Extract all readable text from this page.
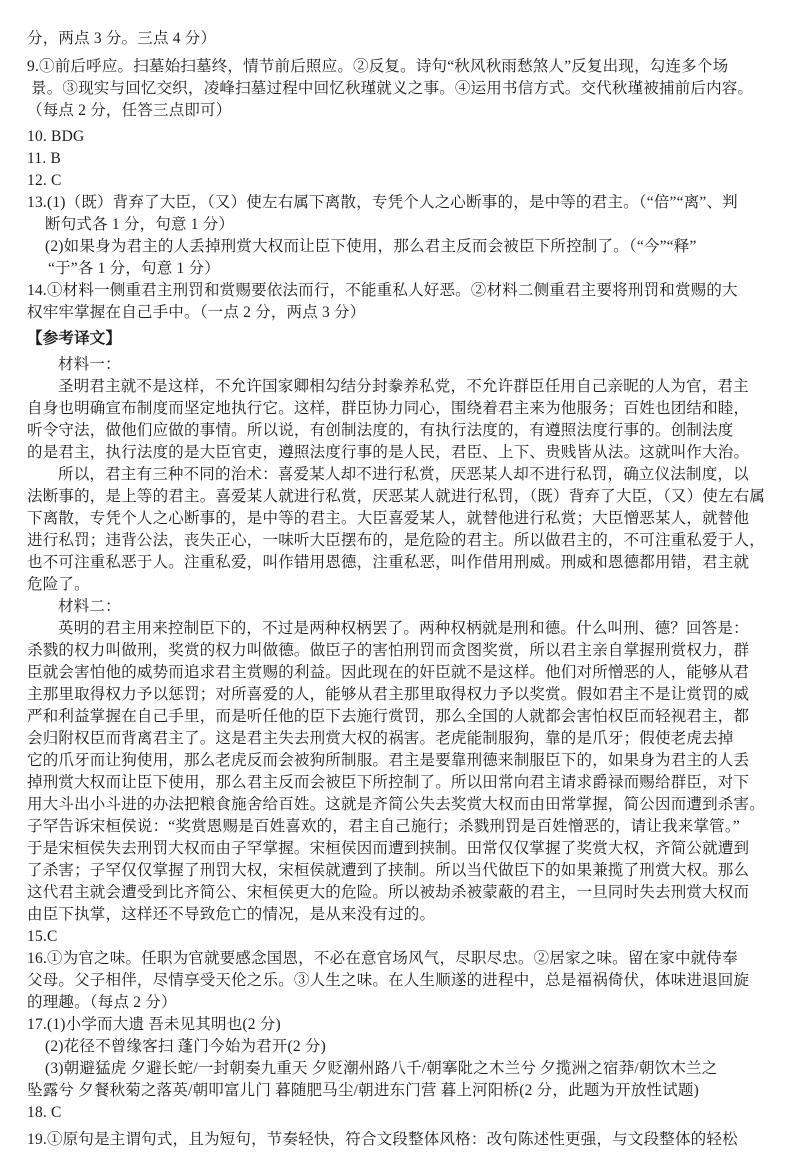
分，两点 3 分。三点 4 分）
9.①前后呼应。扫墓始扫墓终，情节前后照应。②反复。诗句“秋风秋雨愁煞人”反复出现，勾连多个场
景。③现实与回忆交织，凌峰扫墓过程中回忆秋瑾就义之事。④运用书信方式。交代秋瑾被捕前后内容。
（每点 2 分，任答三点即可）
10. BDG
11. B
12. C
13.(1)（既）背弃了大臣，（又）使左右属下离散，专凭个人之心断事的，是中等的君主。（“倍”“离”、判
断句式各 1 分，句意 1 分）
(2)如果身为君主的人丢掉刑赏大权而让臣下使用，那么君主反而会被臣下所控制了。（“今”“释”
“于”各 1 分，句意 1 分）
14.①材料一侧重君主刑罚和赏赐要依法而行，不能重私人好恶。②材料二侧重君主要将刑罚和赏赐的大
权牢牢掌握在自己手中。（一点 2 分，两点 3 分）
【参考译文】
材料一：
圣明君主就不是这样，不允许国家卿相勾结分封豢养私党，不允许群臣任用自己亲昵的人为官，君主
自身也明确宣布制度而坚定地执行它。这样，群臣协力同心，围绕着君主来为他服务；百姓也团结和睦，
听令守法，做他们应做的事情。所以说，有创制法度的，有执行法度的，有遵照法度行事的。创制法度
的是君主，执行法度的是大臣官吏，遵照法度行事的是人民，君臣、上下、贵贱皆从法。这就叫作大治。
所以，君主有三种不同的治术：喜爱某人却不进行私赏，厌恶某人却不进行私罚，确立仪法制度，以
法断事的，是上等的君主。喜爱某人就进行私赏，厌恶某人就进行私罚，（既）背弃了大臣，（又）使左右属
下离散，专凭个人之心断事的，是中等的君主。大臣喜爱某人，就替他进行私赏；大臣憎恶某人，就替他
进行私罚；违背公法，丧失正心，一味听大臣摆布的，是危险的君主。所以做君主的，不可注重私爱于人，
也不可注重私恶于人。注重私爱，叫作错用恩德，注重私恶，叫作借用刑威。刑威和恩德都用错，君主就
危险了。
材料二：
英明的君主用来控制臣下的，不过是两种权柄罢了。两种权柄就是刑和德。什么叫刑、德？回答是：
杀戮的权力叫做刑，奖赏的权力叫做德。做臣子的害怕刑罚而贪图奖赏，所以君主亲自掌握刑赏权力，群
臣就会害怕他的威势而追求君主赏赐的利益。因此现在的奸臣就不是这样。他们对所憎恶的人，能够从君
主那里取得权力予以惩罚；对所喜爱的人，能够从君主那里取得权力予以奖赏。假如君主不是让赏罚的威
严和利益掌握在自己手里，而是听任他的臣下去施行赏罚，那么全国的人就都会害怕权臣而轻视君主，都
会归附权臣而背离君主了。这是君主失去刑赏大权的祸害。老虎能制服狗，靠的是爪牙；假使老虎去掉
它的爪牙而让狗使用，那么老虎反而会被狗所制服。君主是要靠刑德来制服臣下的，如果身为君主的人丢
掉刑赏大权而让臣下使用，那么君主反而会被臣下所控制了。所以田常向君主请求爵禄而赐给群臣，对下
用大斗出小斗进的办法把粮食施舍给百姓。这就是齐简公失去奖赏大权而由田常掌握，简公因而遭到杀害。
子罕告诉宋桓侯说：“奖赏恩赐是百姓喜欢的，君主自己施行；杀戮刑罚是百姓憎恶的，请让我来掌管。”
于是宋桓侯失去刑罚大权而由子罕掌握。宋桓侯因而遭到挟制。田常仅仅掌握了奖赏大权，齐简公就遭到
了杀害；子罕仅仅掌握了刑罚大权，宋桓侯就遭到了挟制。所以当代做臣下的如果兼揽了刑赏大权。那么
这代君主就会遭受到比齐简公、宋桓侯更大的危险。所以被劫杀被蒙蔽的君主，一旦同时失去刑赏大权而
由臣下执掌，这样还不导致危亡的情况，是从来没有过的。
15.C
16.①为官之味。任职为官就要感念国恩，不必在意官场风气，尽职尽忠。②居家之味。留在家中就侍奉
父母。父子相伴，尽情享受天伦之乐。③人生之味。在人生顺遂的进程中，总是福祸倚伏，体味进退回旋
的理趣。（每点 2 分）
17.(1)小学而大遗 吾未见其明也(2 分)
(2)花径不曾缘客扫 蓬门今始为君开(2 分)
(3)朝避猛虎 夕避长蛇/一封朝奏九重天 夕贬潮州路八千/朝搴阰之木兰兮 夕揽洲之宿莽/朝饮木兰之
坠露兮 夕餐秋菊之落英/朝叩富儿门 暮随肥马尘/朝进东门营 暮上河阳桥(2 分，此题为开放性试题)
18. C
19.①原句是主谓句式，且为短句，节奏轻快，符合文段整体风格：改句陈述性更强，与文段整体的轻松
